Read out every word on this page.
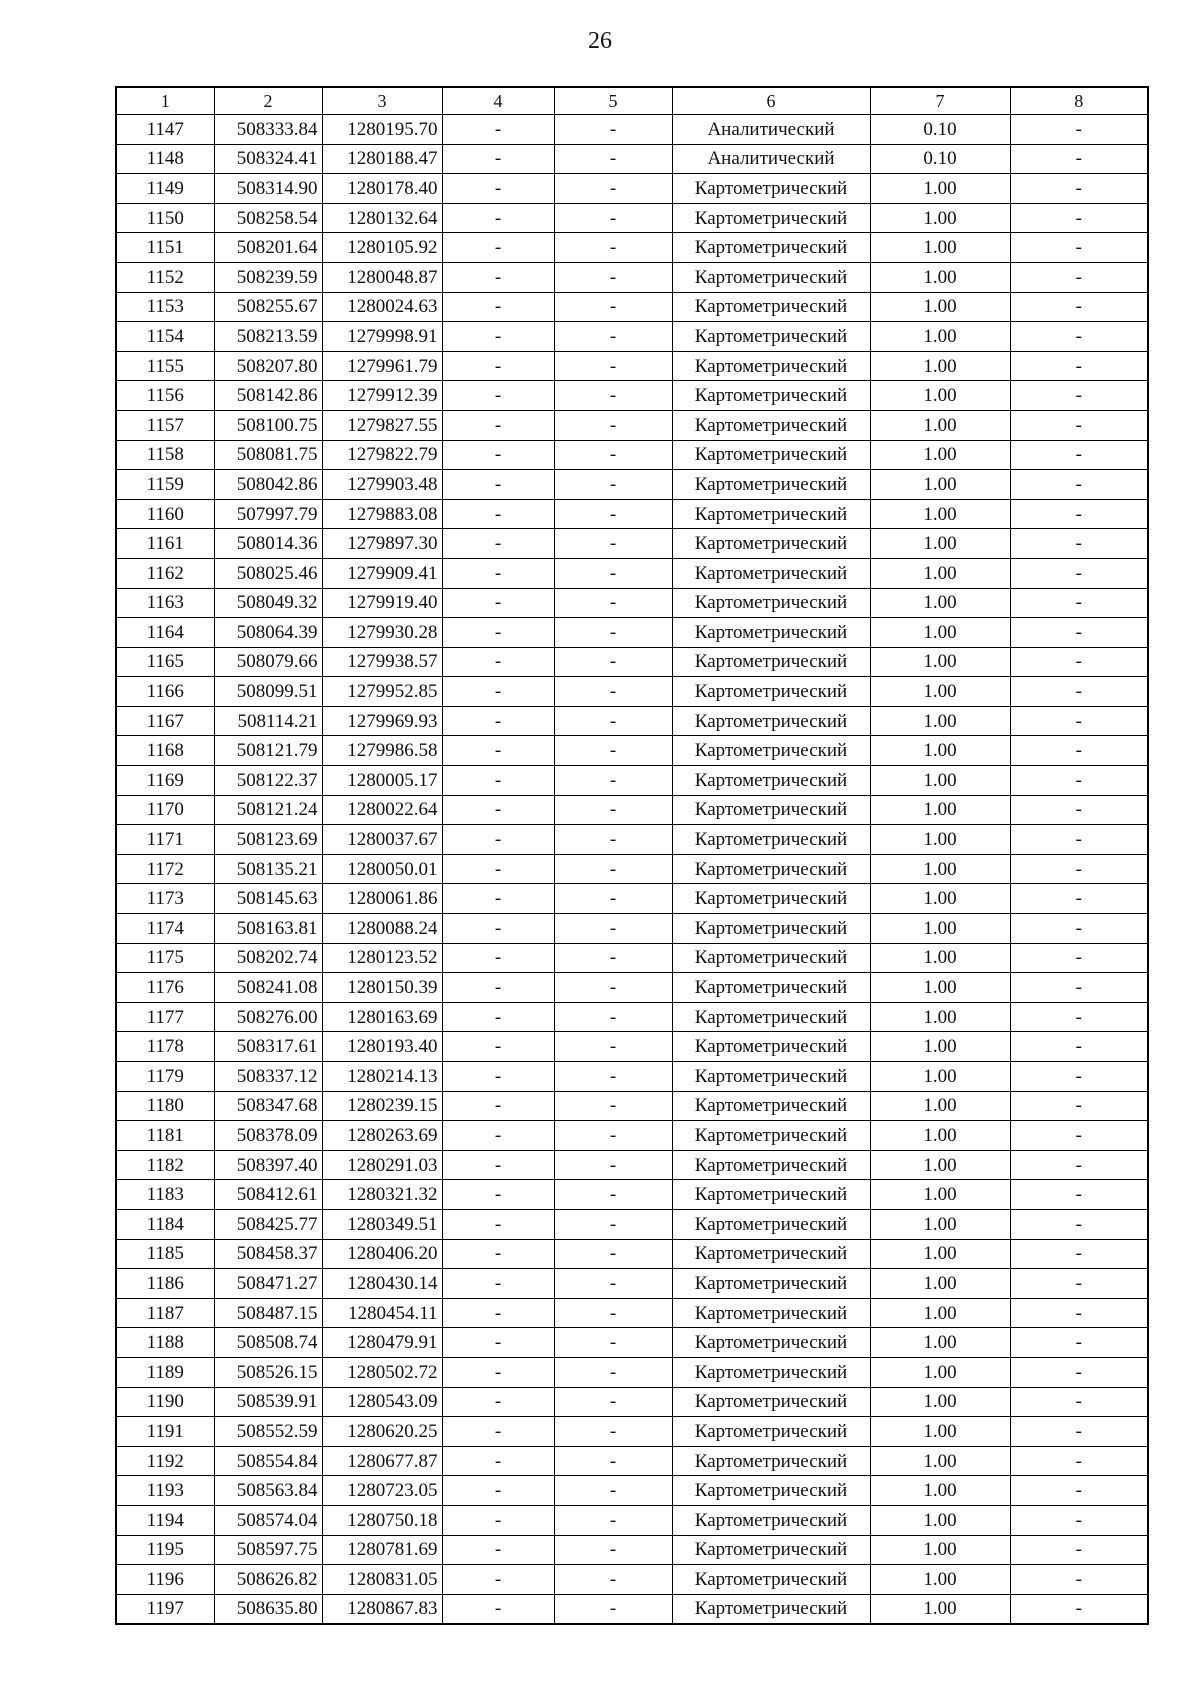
26
1	2	3	4	5	6	7	8
1147	508333.84	1280195.70	-	-	Аналитический	0.10	-
1148	508324.41	1280188.47	-	-	Аналитический	0.10	-
1149	508314.90	1280178.40	-	-	Картометрический	1.00	-
1150	508258.54	1280132.64	-	-	Картометрический	1.00	-
1151	508201.64	1280105.92	-	-	Картометрический	1.00	-
1152	508239.59	1280048.87	-	-	Картометрический	1.00	-
1153	508255.67	1280024.63	-	-	Картометрический	1.00	-
1154	508213.59	1279998.91	-	-	Картометрический	1.00	-
1155	508207.80	1279961.79	-	-	Картометрический	1.00	-
1156	508142.86	1279912.39	-	-	Картометрический	1.00	-
1157	508100.75	1279827.55	-	-	Картометрический	1.00	-
1158	508081.75	1279822.79	-	-	Картометрический	1.00	-
1159	508042.86	1279903.48	-	-	Картометрический	1.00	-
1160	507997.79	1279883.08	-	-	Картометрический	1.00	-
1161	508014.36	1279897.30	-	-	Картометрический	1.00	-
1162	508025.46	1279909.41	-	-	Картометрический	1.00	-
1163	508049.32	1279919.40	-	-	Картометрический	1.00	-
1164	508064.39	1279930.28	-	-	Картометрический	1.00	-
1165	508079.66	1279938.57	-	-	Картометрический	1.00	-
1166	508099.51	1279952.85	-	-	Картометрический	1.00	-
1167	508114.21	1279969.93	-	-	Картометрический	1.00	-
1168	508121.79	1279986.58	-	-	Картометрический	1.00	-
1169	508122.37	1280005.17	-	-	Картометрический	1.00	-
1170	508121.24	1280022.64	-	-	Картометрический	1.00	-
1171	508123.69	1280037.67	-	-	Картометрический	1.00	-
1172	508135.21	1280050.01	-	-	Картометрический	1.00	-
1173	508145.63	1280061.86	-	-	Картометрический	1.00	-
1174	508163.81	1280088.24	-	-	Картометрический	1.00	-
1175	508202.74	1280123.52	-	-	Картометрический	1.00	-
1176	508241.08	1280150.39	-	-	Картометрический	1.00	-
1177	508276.00	1280163.69	-	-	Картометрический	1.00	-
1178	508317.61	1280193.40	-	-	Картометрический	1.00	-
1179	508337.12	1280214.13	-	-	Картометрический	1.00	-
1180	508347.68	1280239.15	-	-	Картометрический	1.00	-
1181	508378.09	1280263.69	-	-	Картометрический	1.00	-
1182	508397.40	1280291.03	-	-	Картометрический	1.00	-
1183	508412.61	1280321.32	-	-	Картометрический	1.00	-
1184	508425.77	1280349.51	-	-	Картометрический	1.00	-
1185	508458.37	1280406.20	-	-	Картометрический	1.00	-
1186	508471.27	1280430.14	-	-	Картометрический	1.00	-
1187	508487.15	1280454.11	-	-	Картометрический	1.00	-
1188	508508.74	1280479.91	-	-	Картометрический	1.00	-
1189	508526.15	1280502.72	-	-	Картометрический	1.00	-
1190	508539.91	1280543.09	-	-	Картометрический	1.00	-
1191	508552.59	1280620.25	-	-	Картометрический	1.00	-
1192	508554.84	1280677.87	-	-	Картометрический	1.00	-
1193	508563.84	1280723.05	-	-	Картометрический	1.00	-
1194	508574.04	1280750.18	-	-	Картометрический	1.00	-
1195	508597.75	1280781.69	-	-	Картометрический	1.00	-
1196	508626.82	1280831.05	-	-	Картометрический	1.00	-
1197	508635.80	1280867.83	-	-	Картометрический	1.00	-
